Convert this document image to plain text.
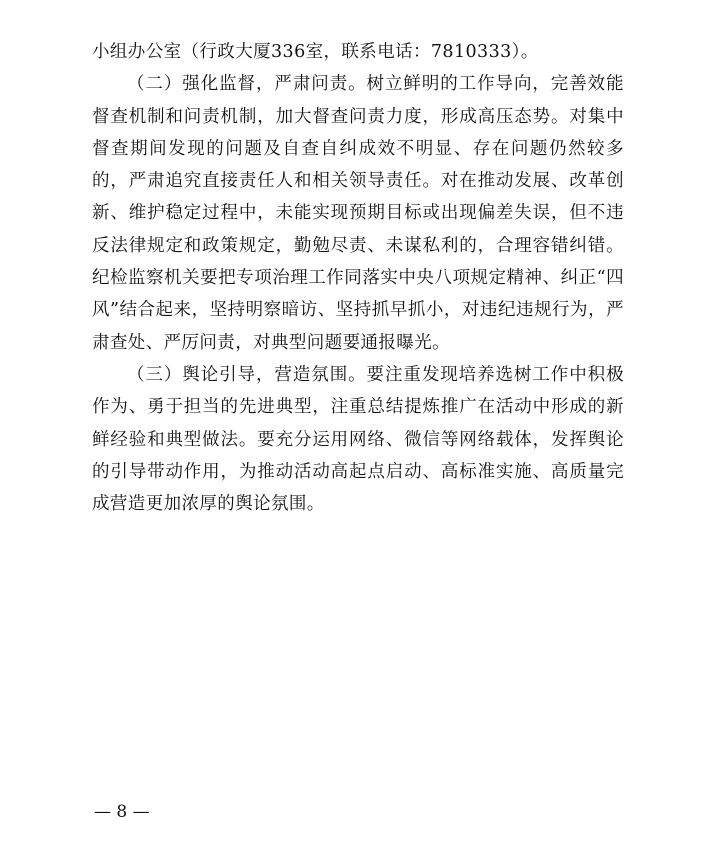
小组办公室（行政大厦336室，联系电话：7810333）。

（二）强化监督，严肃问责。树立鲜明的工作导向，完善效能督查机制和问责机制，加大督查问责力度，形成高压态势。对集中督查期间发现的问题及自查自纠成效不明显、存在问题仍然较多的，严肃追究直接责任人和相关领导责任。对在推动发展、改革创新、维护稳定过程中，未能实现预期目标或出现偏差失误，但不违反法律规定和政策规定，勤勉尽责、未谋私利的，合理容错纠错。纪检监察机关要把专项治理工作同落实中央八项规定精神、纠正“四风”结合起来，坚持明察暗访、坚持抓早抓小，对违纪违规行为，严肃查处、严厉问责，对典型问题要通报曝光。

（三）舆论引导，营造氛围。要注重发现培养选树工作中积极作为、勇于担当的先进典型，注重总结提炼推广在活动中形成的新鲜经验和典型做法。要充分运用网络、微信等网络载体，发挥舆论的引导带动作用，为推动活动高起点启动、高标准实施、高质量完成营造更加浓厚的舆论氛围。

— 8 —
